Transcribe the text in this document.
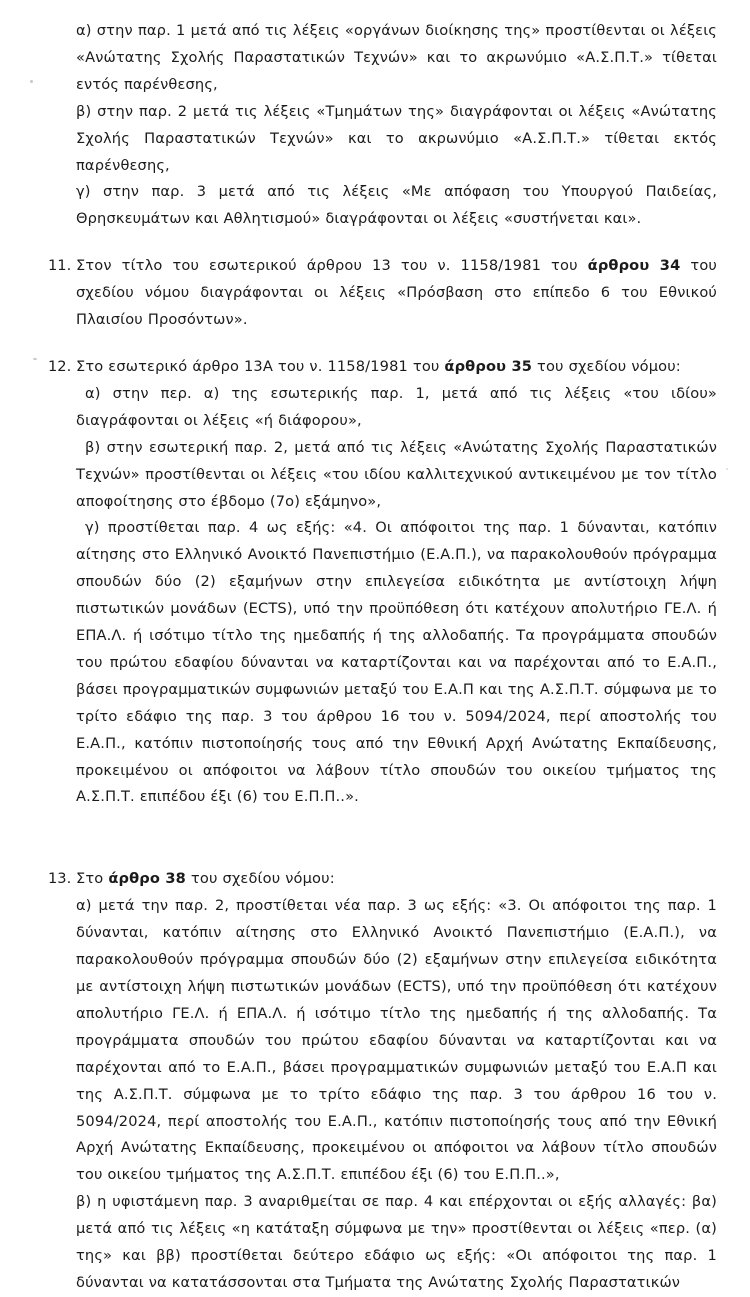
α) στην παρ. 1 μετά από τις λέξεις «οργάνων διοίκησης της» προστίθενται οι λέξεις «Ανώτατης Σχολής Παραστατικών Τεχνών» και το ακρωνύμιο «Α.Σ.Π.Τ.» τίθεται εντός παρένθεσης,

β) στην παρ. 2 μετά τις λέξεις «Τμημάτων της» διαγράφονται οι λέξεις «Ανώτατης Σχολής Παραστατικών Τεχνών» και το ακρωνύμιο «Α.Σ.Π.Τ.» τίθεται εκτός παρένθεσης,

γ) στην παρ. 3 μετά από τις λέξεις «Με απόφαση του Υπουργού Παιδείας, Θρησκευμάτων και Αθλητισμού» διαγράφονται οι λέξεις «συστήνεται και».

11. Στον τίτλο του εσωτερικού άρθρου 13 του ν. 1158/1981 του άρθρου 34 του σχεδίου νόμου διαγράφονται οι λέξεις «Πρόσβαση στο επίπεδο 6 του Εθνικού Πλαισίου Προσόντων».

12. Στο εσωτερικό άρθρο 13Α του ν. 1158/1981 του άρθρου 35 του σχεδίου νόμου:

α) στην περ. α) της εσωτερικής παρ. 1, μετά από τις λέξεις «του ιδίου» διαγράφονται οι λέξεις «ή διάφορου»,

β) στην εσωτερική παρ. 2, μετά από τις λέξεις «Ανώτατης Σχολής Παραστατικών Τεχνών» προστίθενται οι λέξεις «του ιδίου καλλιτεχνικού αντικειμένου με τον τίτλο αποφοίτησης στο έβδομο (7ο) εξάμηνο»,

γ) προστίθεται παρ. 4 ως εξής: «4. Οι απόφοιτοι της παρ. 1 δύνανται, κατόπιν αίτησης στο Ελληνικό Ανοικτό Πανεπιστήμιο (Ε.Α.Π.), να παρακολουθούν πρόγραμμα σπουδών δύο (2) εξαμήνων στην επιλεγείσα ειδικότητα με αντίστοιχη λήψη πιστωτικών μονάδων (ECTS), υπό την προϋπόθεση ότι κατέχουν απολυτήριο ΓΕ.Λ. ή ΕΠΑ.Λ. ή ισότιμο τίτλο της ημεδαπής ή της αλλοδαπής. Τα προγράμματα σπουδών του πρώτου εδαφίου δύνανται να καταρτίζονται και να παρέχονται από το Ε.Α.Π., βάσει προγραμματικών συμφωνιών μεταξύ του Ε.Α.Π και της Α.Σ.Π.Τ. σύμφωνα με το τρίτο εδάφιο της παρ. 3 του άρθρου 16 του ν. 5094/2024, περί αποστολής του Ε.Α.Π., κατόπιν πιστοποίησής τους από την Εθνική Αρχή Ανώτατης Εκπαίδευσης, προκειμένου οι απόφοιτοι να λάβουν τίτλο σπουδών του οικείου τμήματος της Α.Σ.Π.Τ. επιπέδου έξι (6) του Ε.Π.Π..».

13. Στο άρθρο 38 του σχεδίου νόμου:

α) μετά την παρ. 2, προστίθεται νέα παρ. 3 ως εξής: «3. Οι απόφοιτοι της παρ. 1 δύνανται, κατόπιν αίτησης στο Ελληνικό Ανοικτό Πανεπιστήμιο (Ε.Α.Π.), να παρακολουθούν πρόγραμμα σπουδών δύο (2) εξαμήνων στην επιλεγείσα ειδικότητα με αντίστοιχη λήψη πιστωτικών μονάδων (ECTS), υπό την προϋπόθεση ότι κατέχουν απολυτήριο ΓΕ.Λ. ή ΕΠΑ.Λ. ή ισότιμο τίτλο της ημεδαπής ή της αλλοδαπής. Τα προγράμματα σπουδών του πρώτου εδαφίου δύνανται να καταρτίζονται και να παρέχονται από το Ε.Α.Π., βάσει προγραμματικών συμφωνιών μεταξύ του Ε.Α.Π και της Α.Σ.Π.Τ. σύμφωνα με το τρίτο εδάφιο της παρ. 3 του άρθρου 16 του ν. 5094/2024, περί αποστολής του Ε.Α.Π., κατόπιν πιστοποίησής τους από την Εθνική Αρχή Ανώτατης Εκπαίδευσης, προκειμένου οι απόφοιτοι να λάβουν τίτλο σπουδών του οικείου τμήματος της Α.Σ.Π.Τ. επιπέδου έξι (6) του Ε.Π.Π..»,

β) η υφιστάμενη παρ. 3 αναριθμείται σε παρ. 4 και επέρχονται οι εξής αλλαγές: βα) μετά από τις λέξεις «η κατάταξη σύμφωνα με την» προστίθενται οι λέξεις «περ. (α) της» και ββ) προστίθεται δεύτερο εδάφιο ως εξής: «Οι απόφοιτοι της παρ. 1 δύνανται να κατατάσσονται στα Τμήματα της Ανώτατης Σχολής Παραστατικών
